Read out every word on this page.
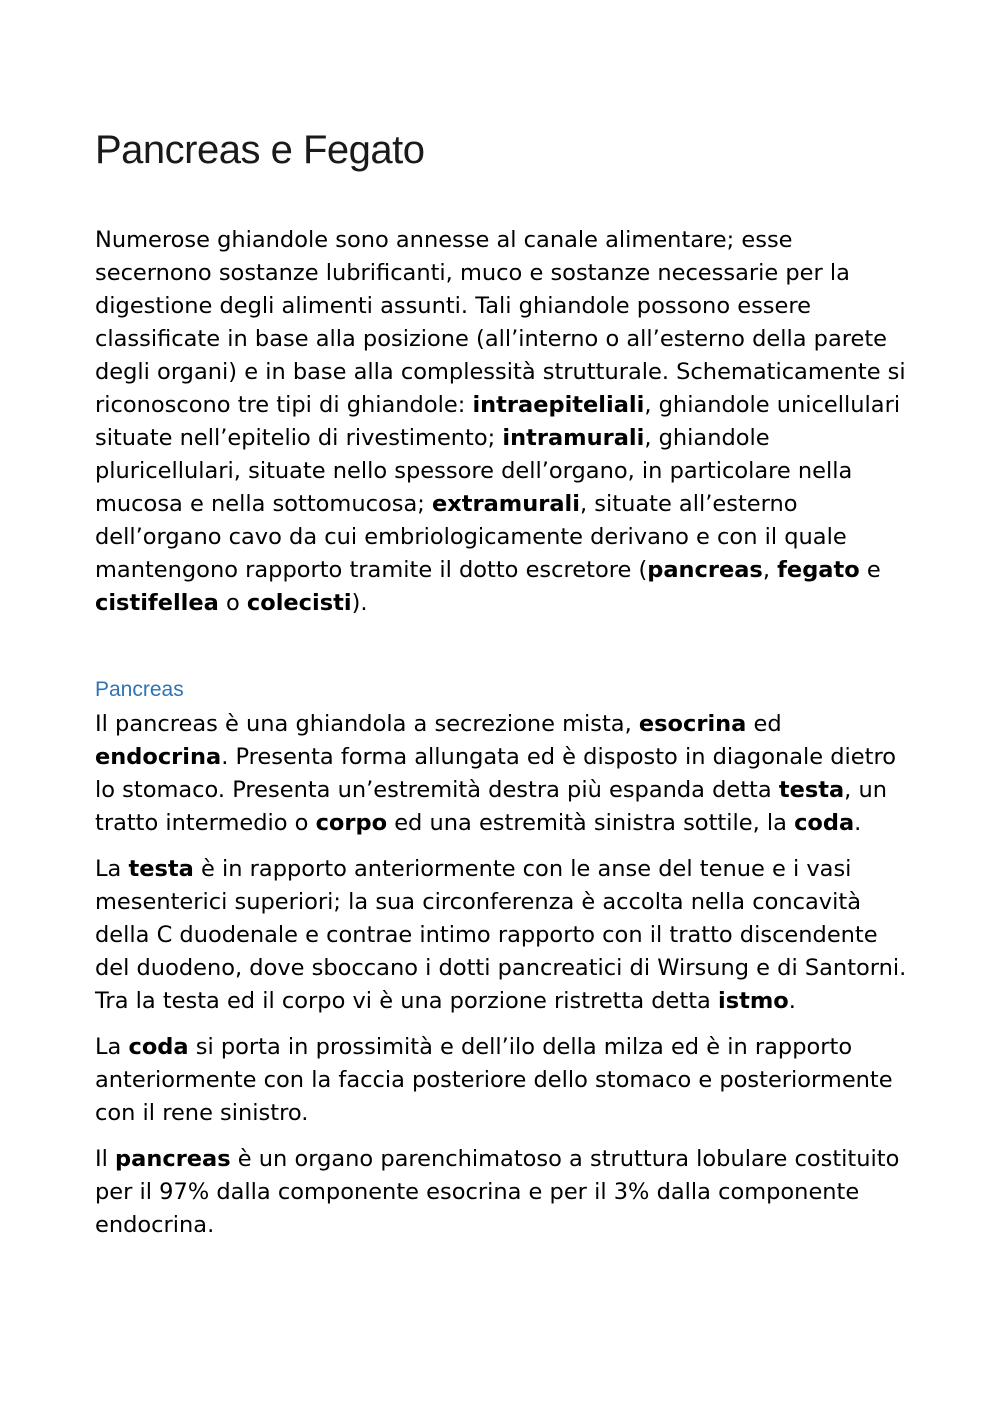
Pancreas e Fegato

Numerose ghiandole sono annesse al canale alimentare; esse secernono sostanze lubrificanti, muco e sostanze necessarie per la digestione degli alimenti assunti. Tali ghiandole possono essere classificate in base alla posizione (all’interno o all’esterno della parete degli organi) e in base alla complessità strutturale. Schematicamente si riconoscono tre tipi di ghiandole: intraepiteliali, ghiandole unicellulari situate nell’epitelio di rivestimento; intramurali, ghiandole pluricellulari, situate nello spessore dell’organo, in particolare nella mucosa e nella sottomucosa; extramurali, situate all’esterno dell’organo cavo da cui embriologicamente derivano e con il quale mantengono rapporto tramite il dotto escretore (pancreas, fegato e cistifellea o colecisti).

Pancreas

Il pancreas è una ghiandola a secrezione mista, esocrina ed endocrina. Presenta forma allungata ed è disposto in diagonale dietro lo stomaco. Presenta un’estremità destra più espanda detta testa, un tratto intermedio o corpo ed una estremità sinistra sottile, la coda.

La testa è in rapporto anteriormente con le anse del tenue e i vasi mesenterici superiori; la sua circonferenza è accolta nella concavità della C duodenale e contrae intimo rapporto con il tratto discendente del duodeno, dove sboccano i dotti pancreatici di Wirsung e di Santorni. Tra la testa ed il corpo vi è una porzione ristretta detta istmo.

La coda si porta in prossimità e dell’ilo della milza ed è in rapporto anteriormente con la faccia posteriore dello stomaco e posteriormente con il rene sinistro.

Il pancreas è un organo parenchimatoso a struttura lobulare costituito per il 97% dalla componente esocrina e per il 3% dalla componente endocrina.
